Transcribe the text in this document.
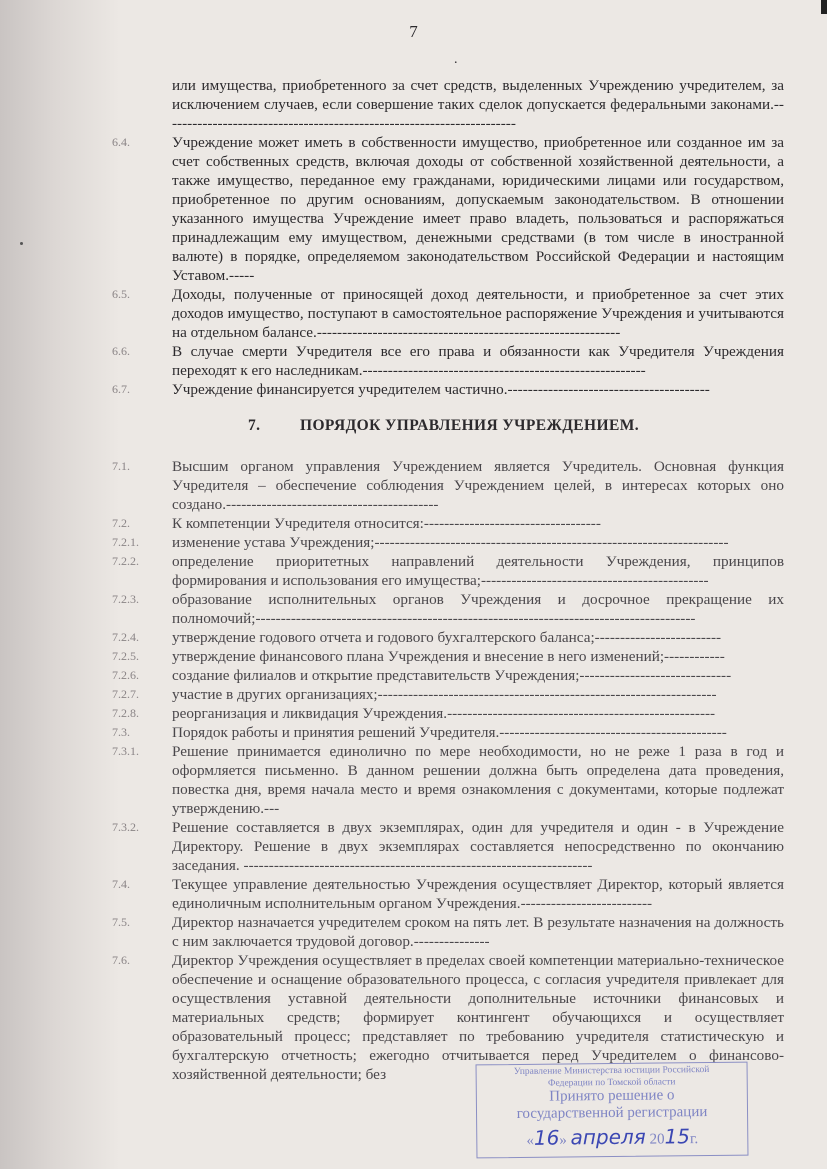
7
.
или имущества, приобретенного за счет средств, выделенных Учреждению учредителем, за исключением случаев, если совершение таких сделок допускается федеральными законами.----------------------------------------------------------------------
6.4.	Учреждение может иметь в собственности имущество, приобретенное или созданное им за счет собственных средств, включая доходы от собственной хозяйственной деятельности, а также имущество, переданное ему гражданами, юридическими лицами или государством, приобретенное по другим основаниям, допускаемым законодательством. В отношении указанного имущества Учреждение имеет право владеть, пользоваться и распоряжаться принадлежащим ему имуществом, денежными средствами (в том числе в иностранной валюте) в порядке, определяемом законодательством Российской Федерации и настоящим Уставом.-----
6.5.	Доходы, полученные от приносящей доход деятельности, и приобретенное за счет этих доходов имущество, поступают в самостоятельное распоряжение Учреждения и учитываются на отдельном балансе.------------------------------------------------------------
6.6.	В случае смерти Учредителя все его права и обязанности как Учредителя Учреждения переходят к его наследникам.--------------------------------------------------------
6.7.	Учреждение финансируется учредителем частично.----------------------------------------
7.	ПОРЯДОК УПРАВЛЕНИЯ УЧРЕЖДЕНИЕМ.
7.1.	Высшим органом управления Учреждением является Учредитель. Основная функция Учредителя – обеспечение соблюдения Учреждением целей, в интересах которых оно создано.------------------------------------------
7.2.	К компетенции Учредителя относится:-----------------------------------
7.2.1. изменение устава Учреждения;----------------------------------------------------------------------
7.2.2. определение приоритетных направлений деятельности Учреждения, принципов формирования и использования его имущества;---------------------------------------------
7.2.3. образование исполнительных органов Учреждения и досрочное прекращение их полномочий;---------------------------------------------------------------------------------------
7.2.4. утверждение годового отчета и годового бухгалтерского баланса;-------------------------
7.2.5. утверждение финансового плана Учреждения и внесение в него изменений;------------
7.2.6. создание филиалов и открытие представительств Учреждения;------------------------------
7.2.7. участие в других организациях;-------------------------------------------------------------------
7.2.8. реорганизация и ликвидация Учреждения.-----------------------------------------------------
7.3.	Порядок работы и принятия решений Учредителя.---------------------------------------------
7.3.1. Решение принимается единолично по мере необходимости, но не реже 1 раза в год и оформляется письменно. В данном решении должна быть определена дата проведения, повестка дня, время начала место и время ознакомления с документами, которые подлежат утверждению.---
7.3.2. Решение составляется в двух экземплярах, один для учредителя и один - в Учреждение Директору. Решение в двух экземплярах составляется непосредственно по окончанию заседания. ---------------------------------------------------------------------
7.4.	Текущее управление деятельностью Учреждения осуществляет Директор, который является единоличным исполнительным органом Учреждения.--------------------------
7.5.	Директор назначается учредителем сроком на пять лет. В результате назначения на должность с ним заключается трудовой договор.---------------
7.6.	Директор Учреждения осуществляет в пределах своей компетенции материально-техническое обеспечение и оснащение образовательного процесса, с согласия учредителя привлекает для осуществления уставной деятельности дополнительные источники финансовых и материальных средств; формирует контингент обучающихся и осуществляет образовательный процесс; представляет по требованию учредителя статистическую и бухгалтерскую отчетность; ежегодно отчитывается перед Учредителем о финансово-хозяйственной деятельности; без	Управление Министерства юстиции Российской
Федерации по Томской области
Принято решение о
государственной регистрации
«16» апреля 2015г.
